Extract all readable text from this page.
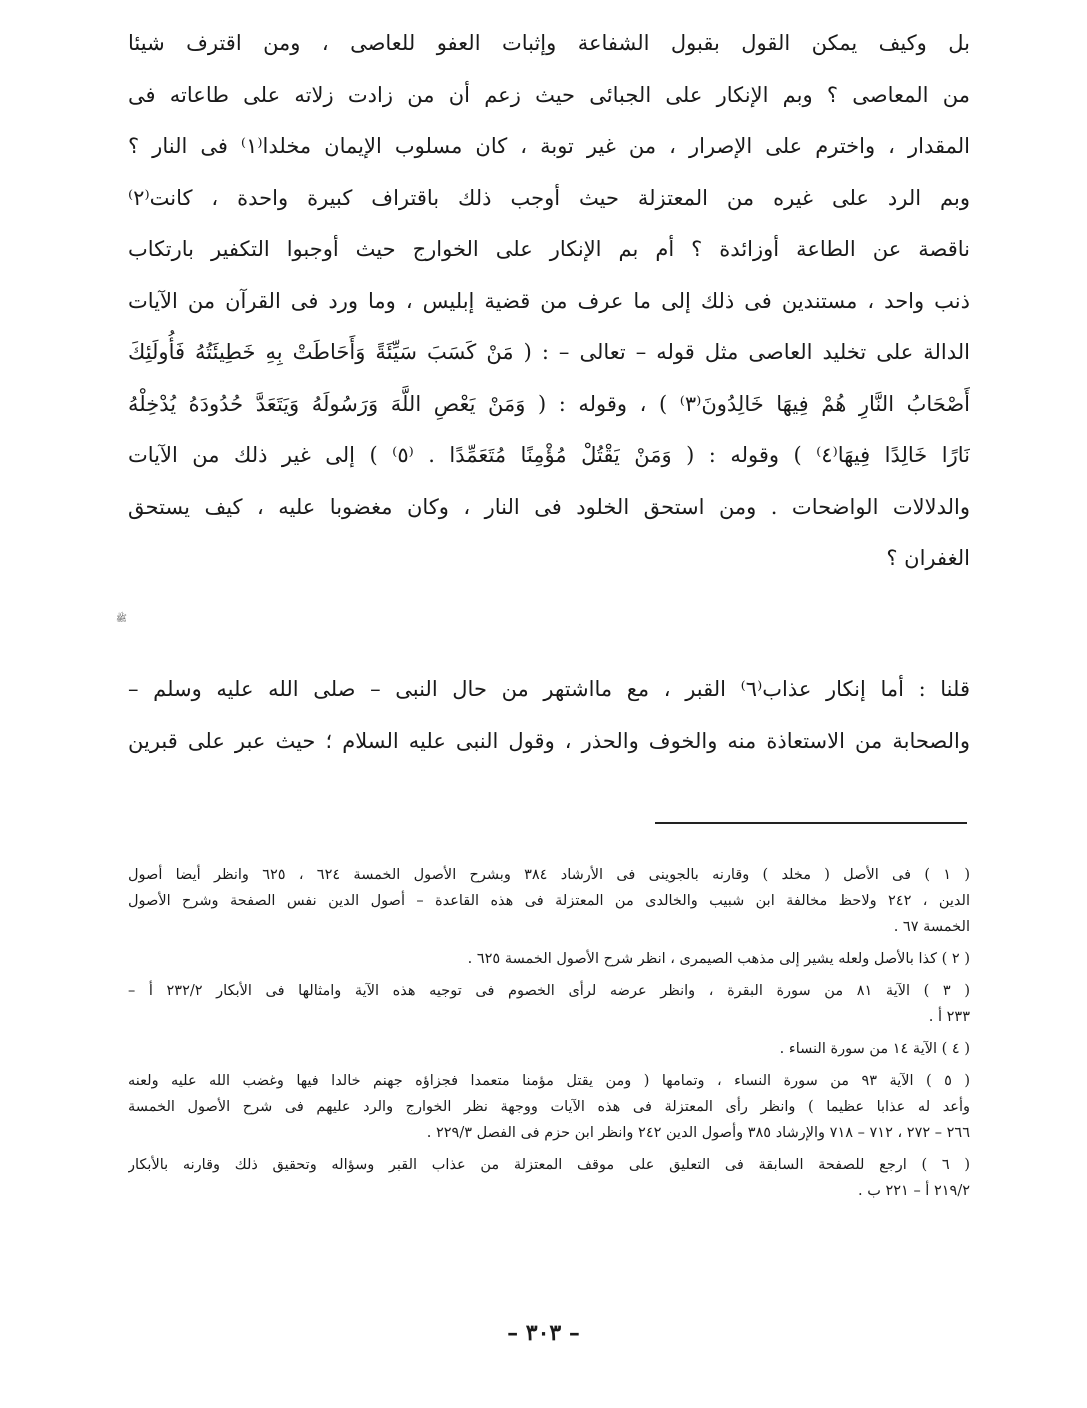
بل وكيف يمكن القول بقبول الشفاعة وإثبات العفو للعاصى ، ومن اقترف شيئا
من المعاصى ؟ وبم الإنكار على الجبائى حيث زعم أن من زادت زلاته على طاعاته فى
المقدار ، واخترم على الإصرار ، من غير توبة ، كان مسلوب الإيمان مخلدا⁽١⁾ فى النار ؟
وبم الرد على غيره من المعتزلة حيث أوجب ذلك باقتراف كبيرة واحدة ، كانت⁽٢⁾
ناقصة عن الطاعة أوزائدة ؟ أم بم الإنكار على الخوارج حيث أوجبوا التكفير بارتكاب
ذنب واحد ، مستندين فى ذلك إلى ما عرف من قضية إبليس ، وما ورد فى القرآن من الآيات
الدالة على تخليد العاصى مثل قوله – تعالى – : ( مَنْ كَسَبَ سَيِّئَةً وَأَحَاطَتْ بِهِ خَطِيئَتُهُ فَأُولَئِكَ
أَصْحَابُ النَّارِ هُمْ فِيهَا خَالِدُونَ⁽٣⁾ ) ، وقوله : ( وَمَنْ يَعْصِ اللَّهَ وَرَسُولَهُ وَيَتَعَدَّ حُدُودَهُ يُدْخِلْهُ
نَارًا خَالِدًا فِيهَا⁽٤⁾ ) وقوله : ( وَمَنْ يَقْتُلْ مُؤْمِنًا مُتَعَمِّدًا . ⁽٥⁾ ) إلى غير ذلك من الآيات
والدلالات الواضحات . ومن استحق الخلود فى النار ، وكان مغضوبا عليه ، كيف يستحق
الغفران ؟
ﷺ
قلنا : أما إنكار عذاب⁽٦⁾ القبر ، مع مااشتهر من حال النبى – صلى الله عليه وسلم –
والصحابة من الاستعاذة منه والخوف والحذر ، وقول النبى عليه السلام ؛ حيث عبر على قبرين
( ١ ) فى الأصل ( مخلد ) وقارنه بالجوينى فى الأرشاد ٣٨٤ وبشرح الأصول الخمسة ٦٢٤ ، ٦٢٥ وانظر أيضا أصول
الدين ، ٢٤٢ ولاحظ مخالفة ابن شبيب والخالدى من المعتزلة فى هذه القاعدة – أصول الدين نفس الصفحة وشرح الأصول
الخمسة ٦٧ .
( ٢ ) كذا بالأصل ولعله يشير إلى مذهب الصيمرى ، انظر شرح الأصول الخمسة ٦٢٥ .
( ٣ ) الآية ٨١ من سورة البقرة ، وانظر عرضه لرأى الخصوم فى توجيه هذه الآية وامثالها فى الأبكار ٢٣٢/٢ أ –
٢٣٣ أ .
( ٤ ) الآية ١٤ من سورة النساء .
( ٥ ) الآية ٩٣ من سورة النساء ، وتمامها ( ومن يقتل مؤمنا متعمدا فجزاؤه جهنم خالدا فيها وغضب الله عليه ولعنه
وأعد له عذابا عظيما ) وانظر رأى المعتزلة فى هذه الآيات ووجهة نظر الخوارج والرد عليهم فى شرح الأصول الخمسة
٢٦٦ – ٢٧٢ ، ٧١٢ – ٧١٨ والإرشاد ٣٨٥ وأصول الدين ٢٤٢ وانظر ابن حزم فى الفصل ٢٢٩/٣ .
( ٦ ) ارجع للصفحة السابقة فى التعليق على موقف المعتزلة من عذاب القبر وسؤاله وتحقيق ذلك وقارنه بالأبكار
٢١٩/٢ أ – ٢٢١ ب .
– ٣٠٣ –
